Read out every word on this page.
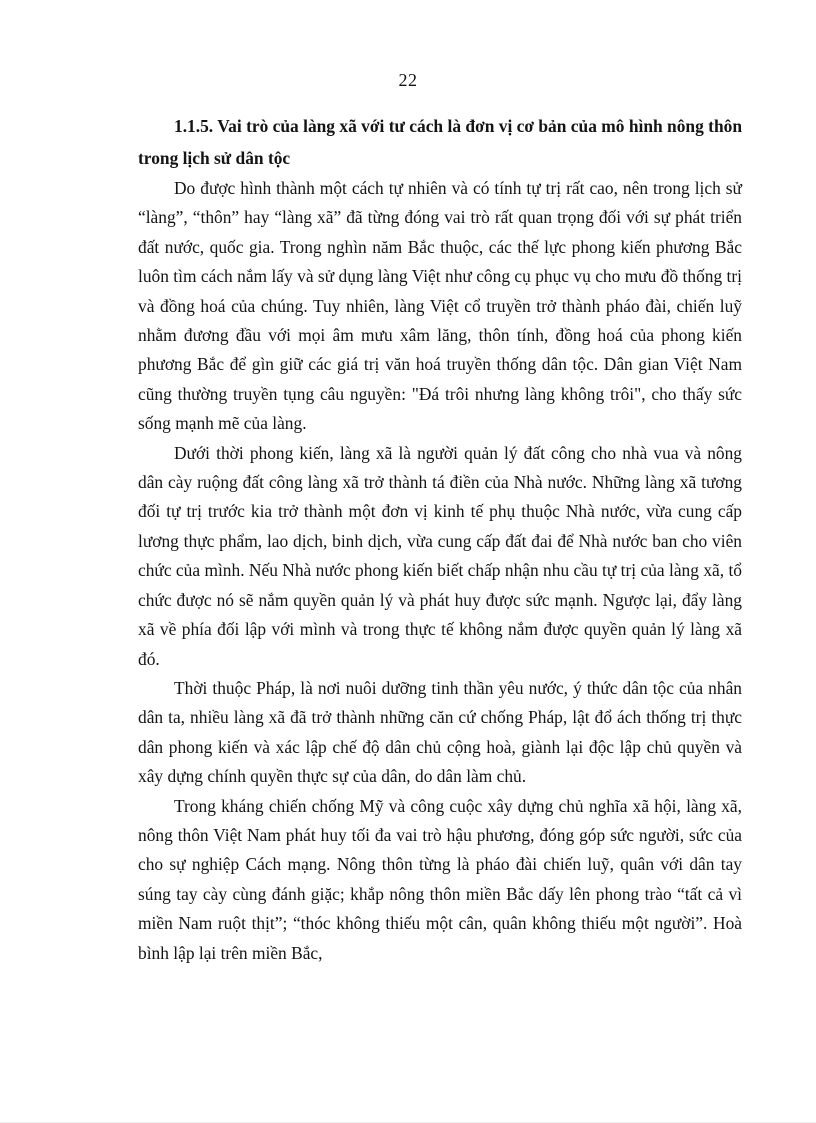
22

1.1.5. Vai trò của làng xã với tư cách là đơn vị cơ bản của mô hình nông thôn trong lịch sử dân tộc

Do được hình thành một cách tự nhiên và có tính tự trị rất cao, nên trong lịch sử “làng”, “thôn” hay “làng xã” đã từng đóng vai trò rất quan trọng đối với sự phát triển đất nước, quốc gia. Trong nghìn năm Bắc thuộc, các thế lực phong kiến phương Bắc luôn tìm cách nắm lấy và sử dụng làng Việt như công cụ phục vụ cho mưu đồ thống trị và đồng hoá của chúng. Tuy nhiên, làng Việt cổ truyền trở thành pháo đài, chiến luỹ nhằm đương đầu với mọi âm mưu xâm lăng, thôn tính, đồng hoá của phong kiến phương Bắc để gìn giữ các giá trị văn hoá truyền thống dân tộc. Dân gian Việt Nam cũng thường truyền tụng câu nguyền: "Đá trôi nhưng làng không trôi", cho thấy sức sống mạnh mẽ của làng.

Dưới thời phong kiến, làng xã là người quản lý đất công cho nhà vua và nông dân cày ruộng đất công làng xã trở thành tá điền của Nhà nước. Những làng xã tương đối tự trị trước kia trở thành một đơn vị kinh tế phụ thuộc Nhà nước, vừa cung cấp lương thực phẩm, lao dịch, binh dịch, vừa cung cấp đất đai để Nhà nước ban cho viên chức của mình. Nếu Nhà nước phong kiến biết chấp nhận nhu cầu tự trị của làng xã, tổ chức được nó sẽ nắm quyền quản lý và phát huy được sức mạnh. Ngược lại, đẩy làng xã về phía đối lập với mình và trong thực tế không nắm được quyền quản lý làng xã đó.

Thời thuộc Pháp, là nơi nuôi dưỡng tinh thần yêu nước, ý thức dân tộc của nhân dân ta, nhiều làng xã đã trở thành những căn cứ chống Pháp, lật đổ ách thống trị thực dân phong kiến và xác lập chế độ dân chủ cộng hoà, giành lại độc lập chủ quyền và xây dựng chính quyền thực sự của dân, do dân làm chủ.

Trong kháng chiến chống Mỹ và công cuộc xây dựng chủ nghĩa xã hội, làng xã, nông thôn Việt Nam phát huy tối đa vai trò hậu phương, đóng góp sức người, sức của cho sự nghiệp Cách mạng. Nông thôn từng là pháo đài chiến luỹ, quân với dân tay súng tay cày cùng đánh giặc; khắp nông thôn miền Bắc dấy lên phong trào “tất cả vì miền Nam ruột thịt”; “thóc không thiếu một cân, quân không thiếu một người”. Hoà bình lập lại trên miền Bắc,
